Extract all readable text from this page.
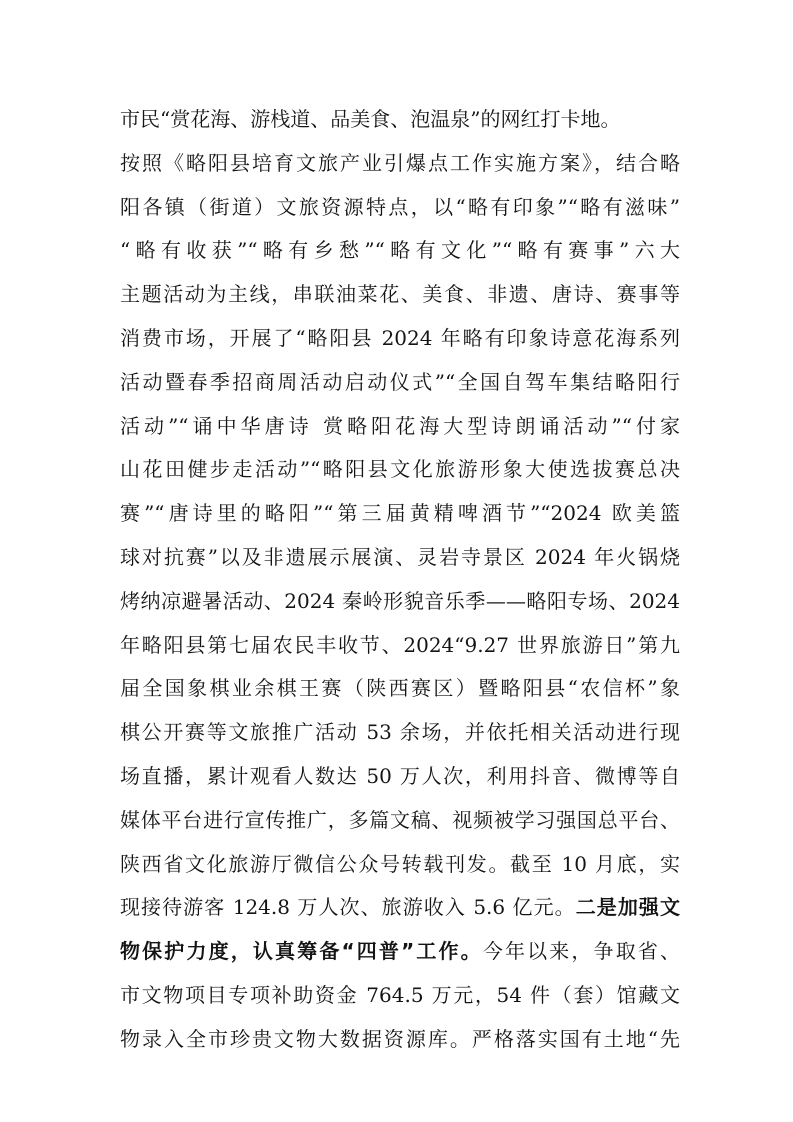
市民“赏花海、游栈道、品美食、泡温泉”的网红打卡地。
按照《略阳县培育文旅产业引爆点工作实施方案》，结合略
阳各镇（街道）文旅资源特点，以“略有印象”“略有滋味”
“略有收获”“略有乡愁”“略有文化”“略有赛事”六大
主题活动为主线，串联油菜花、美食、非遗、唐诗、赛事等
消费市场，开展了“略阳县 2024 年略有印象诗意花海系列
活动暨春季招商周活动启动仪式”“全国自驾车集结略阳行
活动”“诵中华唐诗 赏略阳花海大型诗朗诵活动”“付家
山花田健步走活动”“略阳县文化旅游形象大使选拔赛总决
赛”“唐诗里的略阳”“第三届黄精啤酒节”“2024 欧美篮
球对抗赛”以及非遗展示展演、灵岩寺景区 2024 年火锅烧
烤纳凉避暑活动、2024 秦岭形貌音乐季——略阳专场、2024
年略阳县第七届农民丰收节、2024“9.27 世界旅游日”第九
届全国象棋业余棋王赛（陕西赛区）暨略阳县“农信杯”象
棋公开赛等文旅推广活动 53 余场，并依托相关活动进行现
场直播，累计观看人数达 50 万人次，利用抖音、微博等自
媒体平台进行宣传推广，多篇文稿、视频被学习强国总平台、
陕西省文化旅游厅微信公众号转载刊发。截至 10 月底，实
现接待游客 124.8 万人次、旅游收入 5.6 亿元。二是加强文
物保护力度，认真筹备“四普”工作。今年以来，争取省、
市文物项目专项补助资金 764.5 万元，54 件（套）馆藏文
物录入全市珍贵文物大数据资源库。严格落实国有土地“先
